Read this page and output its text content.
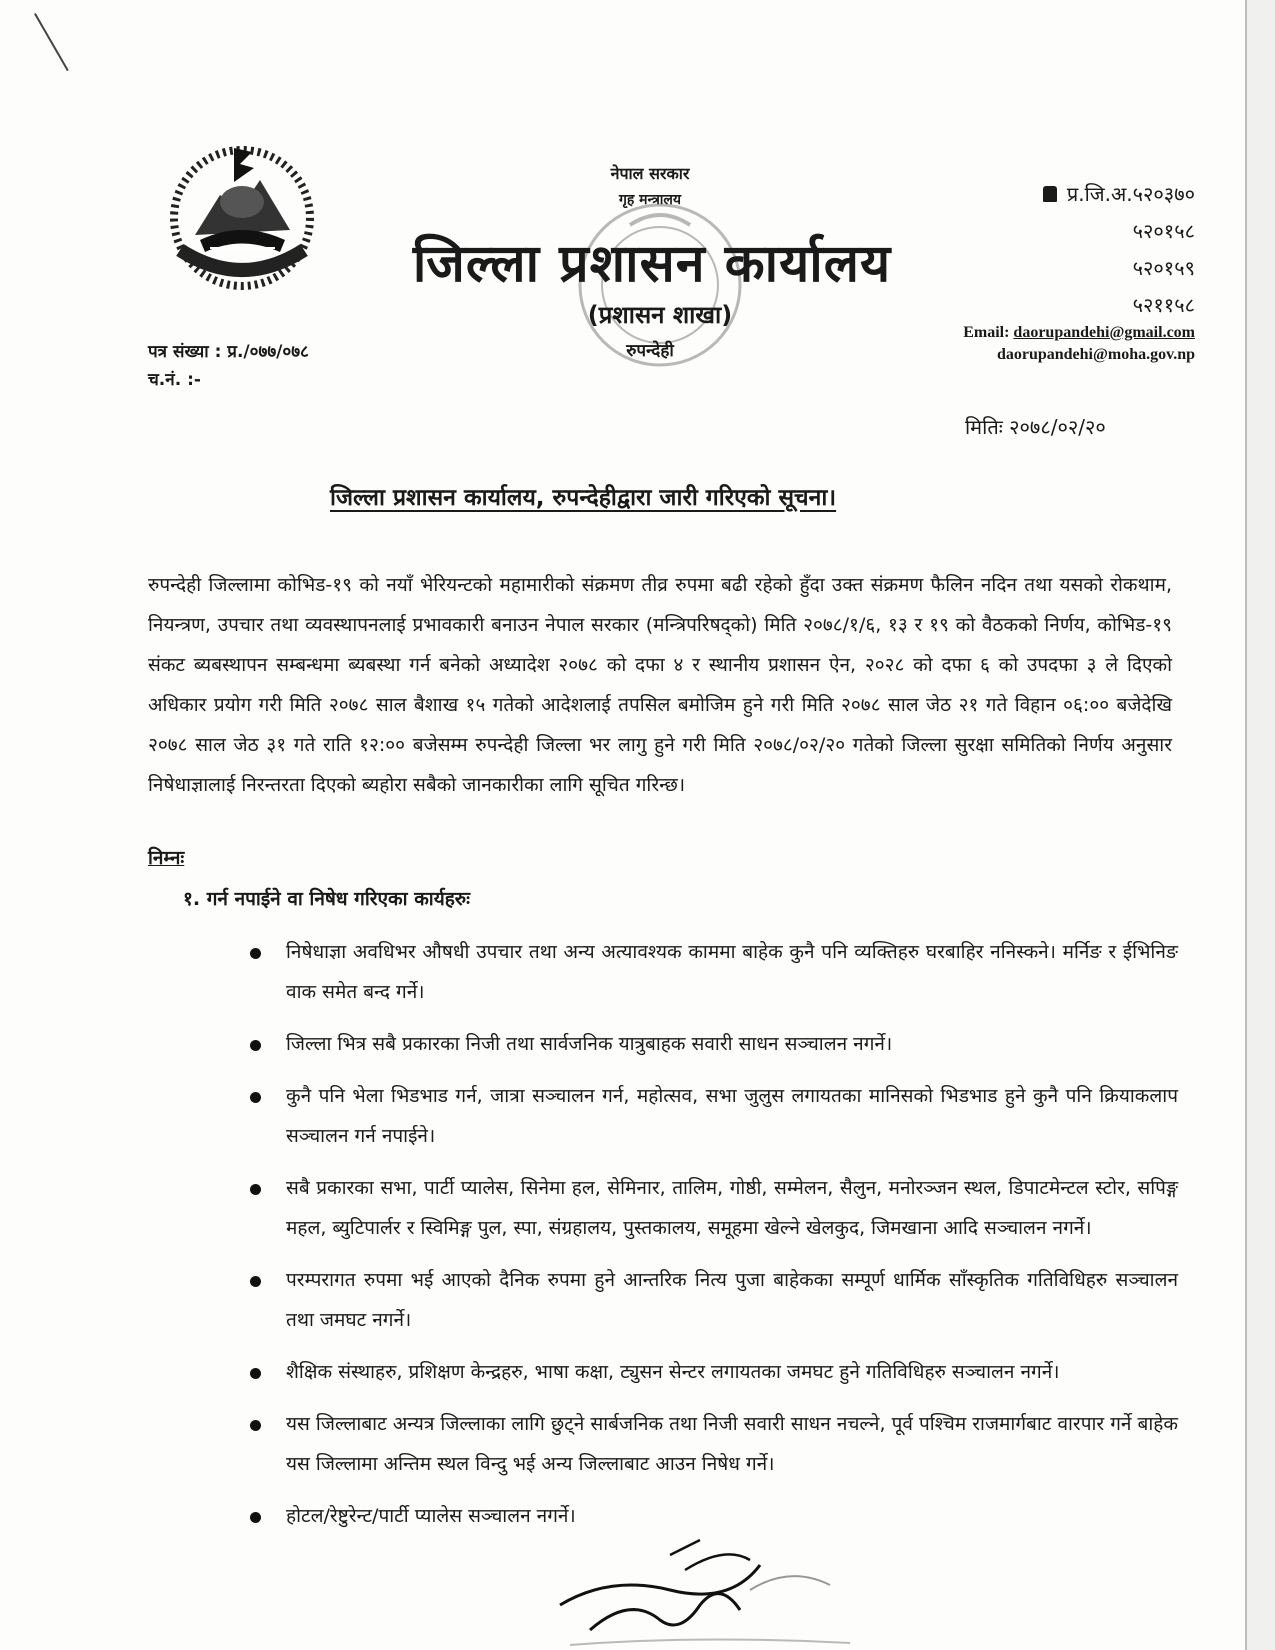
नेपाल सरकार
गृह मन्त्रालय
जिल्ला प्रशासन कार्यालय
(प्रशासन शाखा)
रुपन्देही
प्र.जि.अ.५२०३७०
५२०१५८
५२०१५९
५२११५८
Email: daorupandehi@gmail.com
daorupandehi@moha.gov.np
पत्र संख्या : प्र./०७७/०७८
च.नं. :-
मितिः २०७८/०२/२०
जिल्ला प्रशासन कार्यालय, रुपन्देहीद्वारा जारी गरिएको सूचना।
रुपन्देही जिल्लामा कोभिड-१९ को नयाँ भेरियन्टको महामारीको संक्रमण तीव्र रुपमा बढी रहेको हुँदा उक्त संक्रमण फैलिन नदिन तथा यसको रोकथाम, नियन्त्रण, उपचार तथा व्यवस्थापनलाई प्रभावकारी बनाउन नेपाल सरकार (मन्त्रिपरिषद्को) मिति २०७८/१/६, १३ र १९ को वैठकको निर्णय, कोभिड-१९ संकट ब्यबस्थापन सम्बन्धमा ब्यबस्था गर्न बनेको अध्यादेश २०७८ को दफा ४ र स्थानीय प्रशासन ऐन, २०२८ को दफा ६ को उपदफा ३ ले दिएको अधिकार प्रयोग गरी मिति २०७८ साल बैशाख १५ गतेको आदेशलाई तपसिल बमोजिम हुने गरी मिति २०७८ साल जेठ २१ गते विहान ०६:०० बजेदेखि २०७८ साल जेठ ३१ गते राति १२:०० बजेसम्म रुपन्देही जिल्ला भर लागु हुने गरी मिति २०७८/०२/२० गतेको जिल्ला सुरक्षा समितिको निर्णय अनुसार निषेधाज्ञालाई निरन्तरता दिएको ब्यहोरा सबैको जानकारीका लागि सूचित गरिन्छ।
निम्नः
१. गर्न नपाईने वा निषेध गरिएका कार्यहरुः
निषेधाज्ञा अवधिभर औषधी उपचार तथा अन्य अत्यावश्यक काममा बाहेक कुनै पनि व्यक्तिहरु घरबाहिर ननिस्कने। मर्निङ र ईभिनिङ वाक समेत बन्द गर्ने।
जिल्ला भित्र सबै प्रकारका निजी तथा सार्वजनिक यात्रुबाहक सवारी साधन सञ्चालन नगर्ने।
कुनै पनि भेला भिडभाड गर्न, जात्रा सञ्चालन गर्न, महोत्सव, सभा जुलुस लगायतका मानिसको भिडभाड हुने कुनै पनि क्रियाकलाप सञ्चालन गर्न नपाईने।
सबै प्रकारका सभा, पार्टी प्यालेस, सिनेमा हल, सेमिनार, तालिम, गोष्ठी, सम्मेलन, सैलुन, मनोरञ्जन स्थल, डिपाटमेन्टल स्टोर, सपिङ्ग महल, ब्युटिपार्लर र स्विमिङ्ग पुल, स्पा, संग्रहालय, पुस्तकालय, समूहमा खेल्ने खेलकुद, जिमखाना आदि सञ्चालन नगर्ने।
परम्परागत रुपमा भई आएको दैनिक रुपमा हुने आन्तरिक नित्य पुजा बाहेकका सम्पूर्ण धार्मिक साँस्कृतिक गतिविधिहरु सञ्चालन तथा जमघट नगर्ने।
शैक्षिक संस्थाहरु, प्रशिक्षण केन्द्रहरु, भाषा कक्षा, ट्युसन सेन्टर लगायतका जमघट हुने गतिविधिहरु सञ्चालन नगर्ने।
यस जिल्लाबाट अन्यत्र जिल्लाका लागि छुट्ने सार्बजनिक तथा निजी सवारी साधन नचल्ने, पूर्व पश्चिम राजमार्गबाट वारपार गर्ने बाहेक यस जिल्लामा अन्तिम स्थल विन्दु भई अन्य जिल्लाबाट आउन निषेध गर्ने।
होटल/रेष्टुरेन्ट/पार्टी प्यालेस सञ्चालन नगर्ने।
